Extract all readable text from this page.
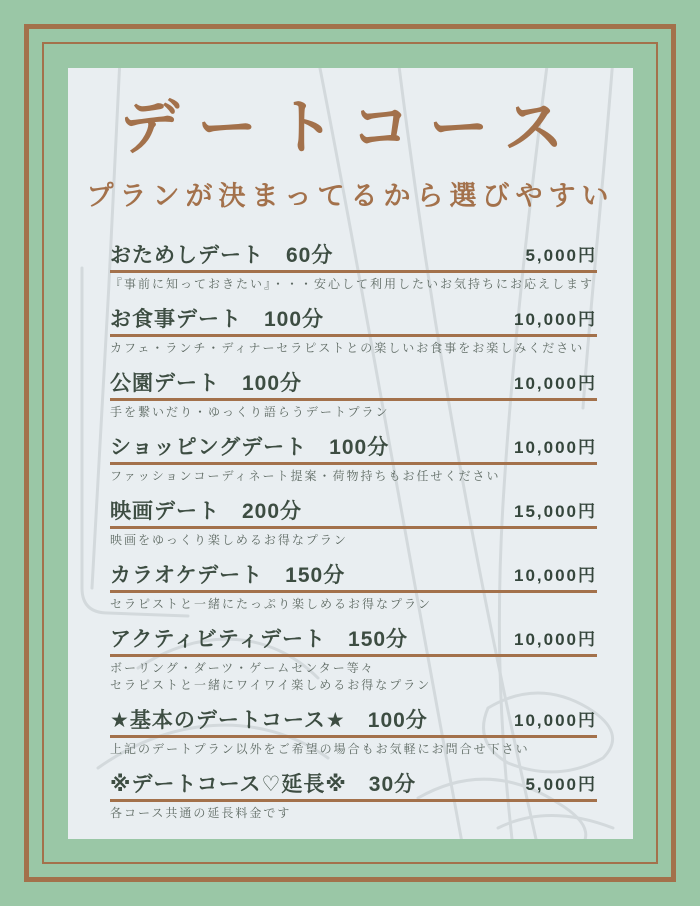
デートコース
プランが決まってるから選びやすい
おためしデート　60分	5,000円
『事前に知っておきたい』・・・安心して利用したいお気持ちにお応えします
お食事デート　100分	10,000円
カフェ・ランチ・ディナーセラピストとの楽しいお食事をお楽しみください
公園デート　100分	10,000円
手を繋いだり・ゆっくり語らうデートプラン
ショッピングデート　100分	10,000円
ファッションコーディネート提案・荷物持ちもお任せください
映画デート　200分	15,000円
映画をゆっくり楽しめるお得なプラン
カラオケデート　150分	10,000円
セラピストと一緒にたっぷり楽しめるお得なプラン
アクティビティデート　150分	10,000円
ボーリング・ダーツ・ゲームセンター等々
セラピストと一緒にワイワイ楽しめるお得なプラン
★基本のデートコース★　100分	10,000円
上記のデートプラン以外をご希望の場合もお気軽にお問合せ下さい
※デートコース♡延長※　30分	5,000円
各コース共通の延長料金です
